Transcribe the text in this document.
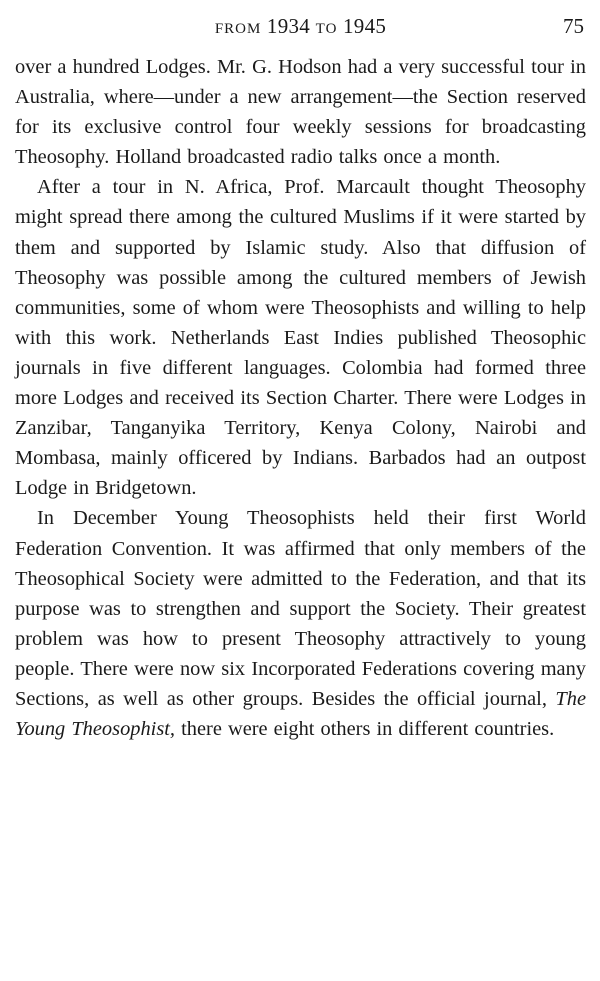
FROM 1934 TO 1945	75

over a hundred Lodges. Mr. G. Hodson had a very successful tour in Australia, where—under a new arrangement—the Section reserved for its exclusive control four weekly sessions for broadcasting Theosophy. Holland broadcasted radio talks once a month.

After a tour in N. Africa, Prof. Marcault thought Theosophy might spread there among the cultured Muslims if it were started by them and supported by Islamic study. Also that diffusion of Theosophy was possible among the cultured members of Jewish communities, some of whom were Theosophists and willing to help with this work. Netherlands East Indies published Theosophic journals in five different languages. Colombia had formed three more Lodges and received its Section Charter. There were Lodges in Zanzibar, Tanganyika Territory, Kenya Colony, Nairobi and Mombasa, mainly officered by Indians. Barbados had an outpost Lodge in Bridgetown.

In December Young Theosophists held their first World Federation Convention. It was affirmed that only members of the Theosophical Society were admitted to the Federation, and that its purpose was to strengthen and support the Society. Their greatest problem was how to present Theosophy attractively to young people. There were now six Incorporated Federations covering many Sections, as well as other groups. Besides the official journal, The Young Theosophist, there were eight others in different countries.
